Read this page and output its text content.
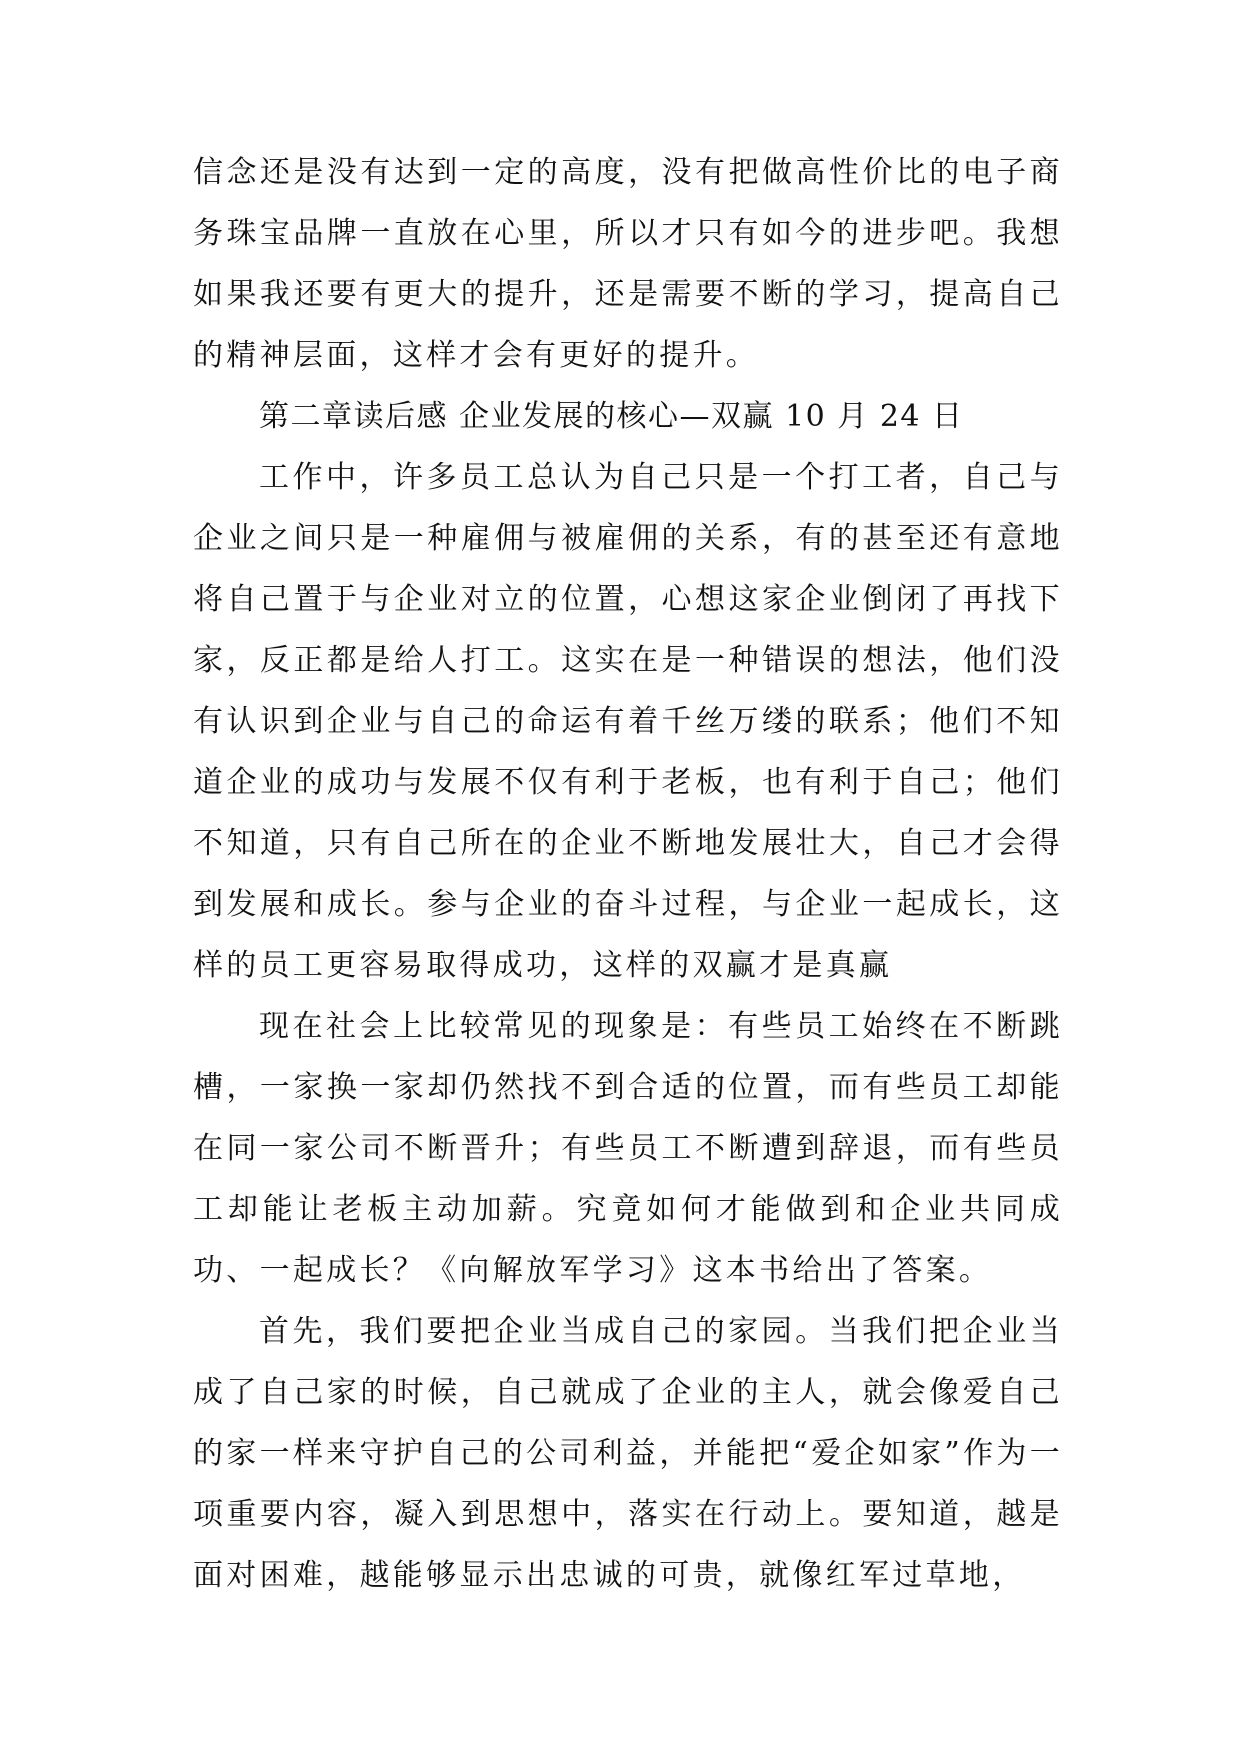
信念还是没有达到一定的高度，没有把做高性价比的电子商务珠宝品牌一直放在心里，所以才只有如今的进步吧。我想如果我还要有更大的提升，还是需要不断的学习，提高自己的精神层面，这样才会有更好的提升。

第二章读后感 企业发展的核心—双赢 10 月 24 日

工作中，许多员工总认为自己只是一个打工者，自己与企业之间只是一种雇佣与被雇佣的关系，有的甚至还有意地将自己置于与企业对立的位置，心想这家企业倒闭了再找下家，反正都是给人打工。这实在是一种错误的想法，他们没有认识到企业与自己的命运有着千丝万缕的联系；他们不知道企业的成功与发展不仅有利于老板，也有利于自己；他们不知道，只有自己所在的企业不断地发展壮大，自己才会得到发展和成长。参与企业的奋斗过程，与企业一起成长，这样的员工更容易取得成功，这样的双赢才是真赢

现在社会上比较常见的现象是：有些员工始终在不断跳槽，一家换一家却仍然找不到合适的位置，而有些员工却能在同一家公司不断晋升；有些员工不断遭到辞退，而有些员工却能让老板主动加薪。究竟如何才能做到和企业共同成功、一起成长？《向解放军学习》这本书给出了答案。

首先，我们要把企业当成自己的家园。当我们把企业当成了自己家的时候，自己就成了企业的主人，就会像爱自己的家一样来守护自己的公司利益，并能把“爱企如家”作为一项重要内容，凝入到思想中，落实在行动上。要知道，越是面对困难，越能够显示出忠诚的可贵，就像红军过草地，
